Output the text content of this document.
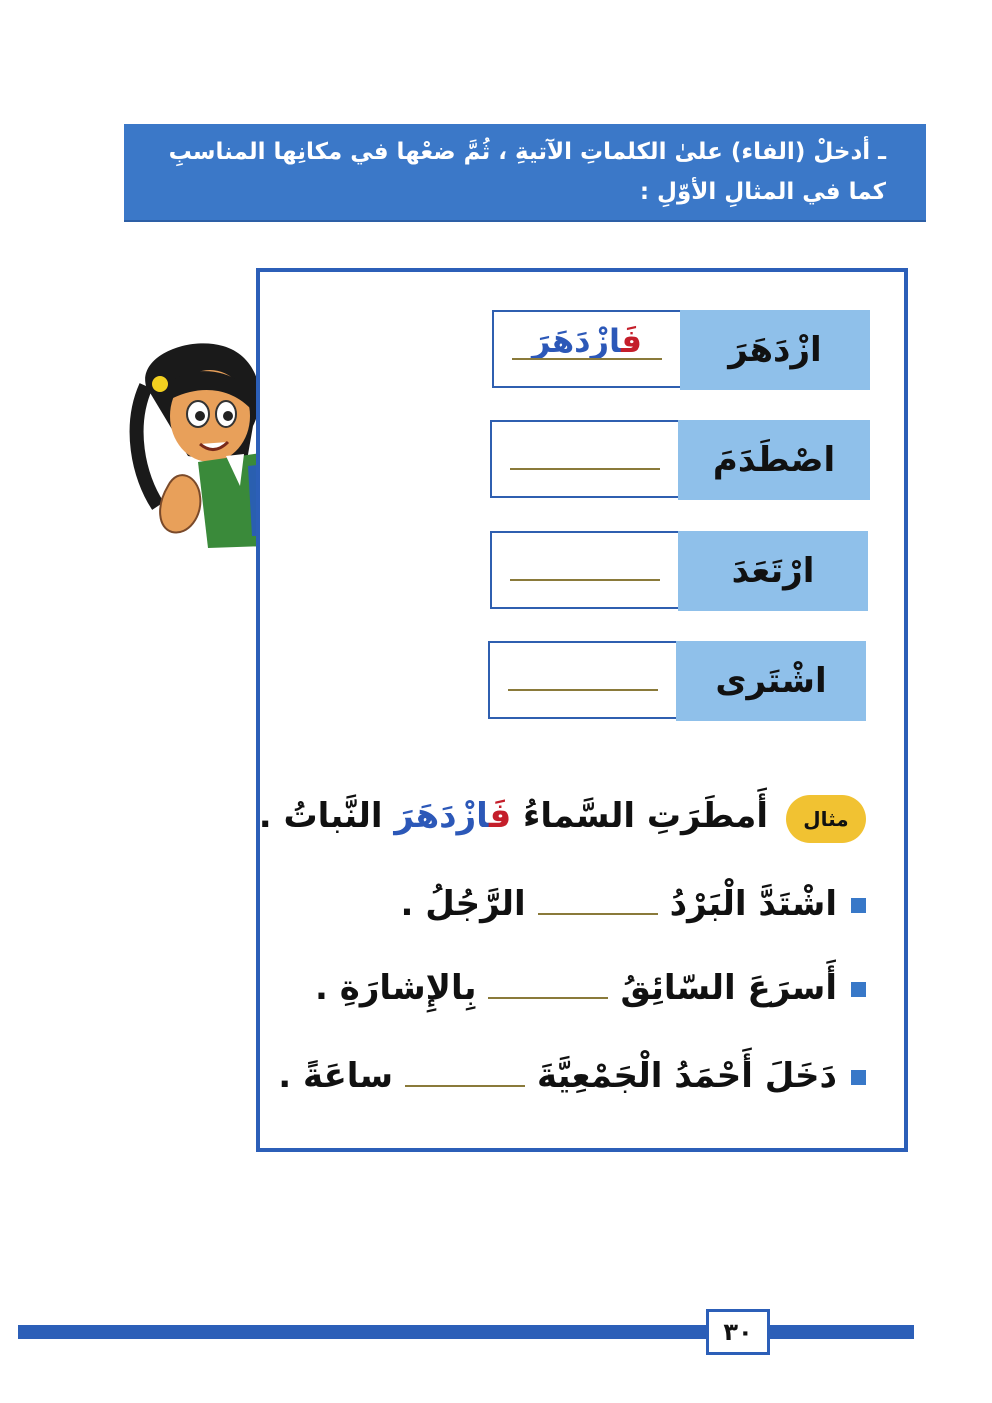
ـ أدخلْ (الفاء) علىٰ الكلماتِ الآتيةِ ، ثُمَّ ضعْها في مكانِها المناسبِ كما في المثالِ الأوّلِ :
فَازْدَهَرَ	ازْدَهَرَ
اصْطَدَمَ
ارْتَعَدَ
اشْتَرى
مثال
أَمطَرَتِ السَّماءُ فَازْدَهَرَ النَّباتُ .
اشْتَدَّ الْبَرْدُالرَّجُلُ .
أَسرَعَ السّائِقُبِالإِشارَةِ .
دَخَلَ أَحْمَدُ الْجَمْعِيَّةَساعَةً .
٣٠
